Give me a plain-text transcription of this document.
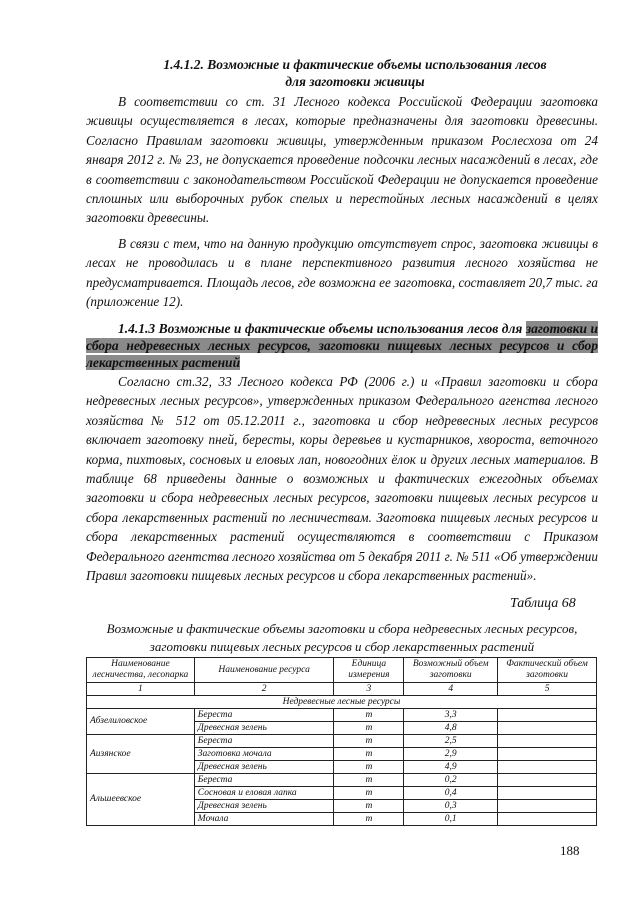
1.4.1.2. Возможные и фактические объемы использования лесов
для заготовки живицы

В соответствии со ст. 31 Лесного кодекса Российской Федерации заготовка живицы осуществляется в лесах, которые предназначены для заготовки древесины. Согласно Правилам заготовки живицы, утвержденным приказом Рослесхоза от 24 января 2012 г. № 23, не допускается проведение подсочки лесных насаждений в лесах, где в соответствии с законодательством Российской Федерации не допускается проведение сплошных или выборочных рубок спелых и перестойных лесных насаждений в целях заготовки древесины.

В связи с тем, что на данную продукцию отсутствует спрос, заготовка живицы в лесах не проводилась и в плане перспективного развития лесного хозяйства не предусматривается. Площадь лесов, где возможна ее заготовка, составляет 20,7 тыс. га (приложение 12).

1.4.1.3 Возможные и фактические объемы использования лесов для заготовки и сбора недревесных лесных ресурсов, заготовки пищевых лесных ресурсов и сбор лекарственных растений

Согласно ст.32, 33 Лесного кодекса РФ (2006 г.) и «Правил заготовки и сбора недревесных лесных ресурсов», утвержденных приказом Федерального агенства лесного хозяйства № 512 от 05.12.2011 г., заготовка и сбор недревесных лесных ресурсов включает заготовку пней, бересты, коры деревьев и кустарников, хвороста, веточного корма, пихтовых, сосновых и еловых лап, новогодних ёлок и других лесных материалов. В таблице 68 приведены данные о возможных и фактических ежегодных объемах заготовки и сбора недревесных лесных ресурсов, заготовки пищевых лесных ресурсов и сбора лекарственных растений по лесничествам. Заготовка пищевых лесных ресурсов и сбора лекарственных растений осуществляются в соответствии с Приказом Федерального агентства лесного хозяйства от 5 декабря 2011 г. № 511 «Об утверждении Правил заготовки пищевых лесных ресурсов и сбора лекарственных растений».

Таблица 68
Возможные и фактические объемы заготовки и сбора недревесных лесных ресурсов, заготовки пищевых лесных ресурсов и сбор лекарственных растений
Наименование лесничества, лесопарка	Наименование ресурса	Единица измерения	Возможный объем заготовки	Фактический объем заготовки
1	2	3	4	5
Недревесные лесные ресурсы				
Абзелиловское	Береста	т	3,3	
	Древесная зелень	т	4,8	
Аизянское	Береста	т	2,5	
	Заготовка мочала	т	2,9	
	Древесная зелень	т	4,9	
Альшеевское	Береста	т	0,2	
	Сосновая и еловая лапка	т	0,4	
	Древесная зелень	т	0,3	
	Мочала	т	0,1	
188
